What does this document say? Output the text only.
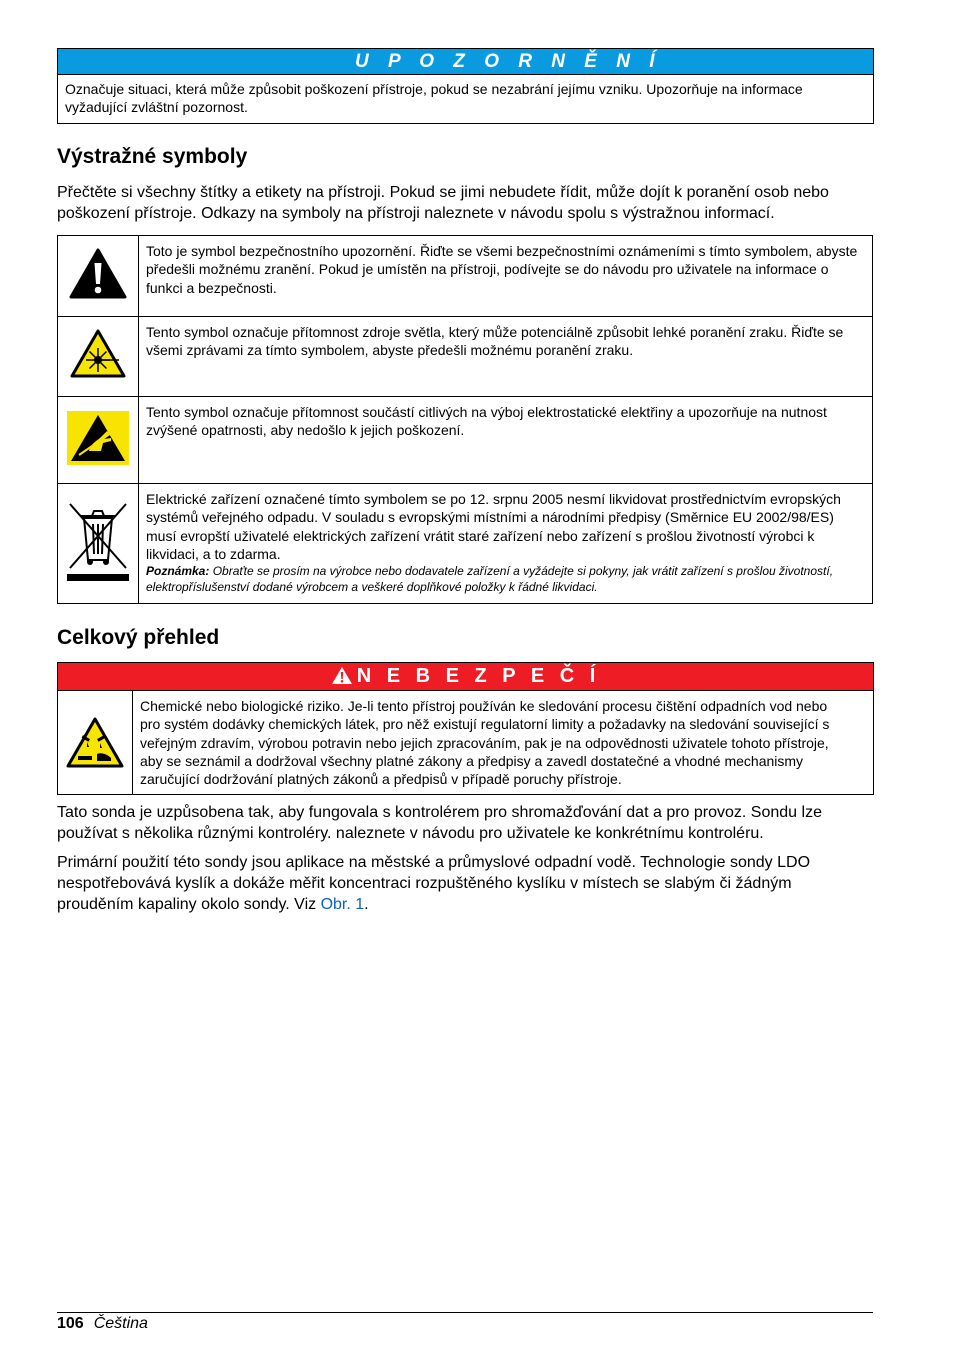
U P O Z O R N Ě N Í
Označuje situaci, která může způsobit poškození přístroje, pokud se nezabrání jejímu vzniku. Upozorňuje na informace vyžadující zvláštní pozornost.
Výstražné symboly

Přečtěte si všechny štítky a etikety na přístroji. Pokud se jimi nebudete řídit, může dojít k poranění osob nebo poškození přístroje. Odkazy na symboly na přístroji naleznete v návodu spolu s výstražnou informací.

	Toto je symbol bezpečnostního upozornění. Řiďte se všemi bezpečnostními oznámeními s tímto symbolem, abyste předešli možnému zranění. Pokud je umístěn na přístroji, podívejte se do návodu pro uživatele na informace o funkci a bezpečnosti.
	Tento symbol označuje přítomnost zdroje světla, který může potenciálně způsobit lehké poranění zraku. Řiďte se všemi zprávami za tímto symbolem, abyste předešli možnému poranění zraku.
	Tento symbol označuje přítomnost součástí citlivých na výboj elektrostatické elektřiny a upozorňuje na nutnost zvýšené opatrnosti, aby nedošlo k jejich poškození.

Elektrické zařízení označené tímto symbolem se po 12. srpnu 2005 nesmí likvidovat prostřednictvím evropských systémů veřejného odpadu. V souladu s evropskými místními a národními předpisy (Směrnice EU 2002/98/ES) musí evropští uživatelé elektrických zařízení vrátit staré zařízení nebo zařízení s prošlou životností výrobci k likvidaci, a to zdarma.
Poznámka: Obraťte se prosím na výrobce nebo dodavatele zařízení a vyžádejte si pokyny, jak vrátit zařízení s prošlou životností, elektropříslušenství dodané výrobcem a veškeré doplňkové položky k řádné likvidaci.
Celkový přehled
N E B E Z P E Č Í
Chemické nebo biologické riziko. Je-li tento přístroj používán ke sledování procesu čištění odpadních vod nebo pro systém dodávky chemických látek, pro něž existují regulatorní limity a požadavky na sledování související s veřejným zdravím, výrobou potravin nebo jejich zpracováním, pak je na odpovědnosti uživatele tohoto přístroje, aby se seznámil a dodržoval všechny platné zákony a předpisy a zavedl dostatečné a vhodné mechanismy zaručující dodržování platných zákonů a předpisů v případě poruchy přístroje.

Tato sonda je uzpůsobena tak, aby fungovala s kontrolérem pro shromažďování dat a pro provoz. Sondu lze používat s několika různými kontroléry. naleznete v návodu pro uživatele ke konkrétnímu kontroléru.

Primární použití této sondy jsou aplikace na městské a průmyslové odpadní vodě. Technologie sondy LDO nespotřebovává kyslík a dokáže měřit koncentraci rozpuštěného kyslíku v místech se slabým či žádným prouděním kapaliny okolo sondy. Viz Obr. 1.

106 Čeština
